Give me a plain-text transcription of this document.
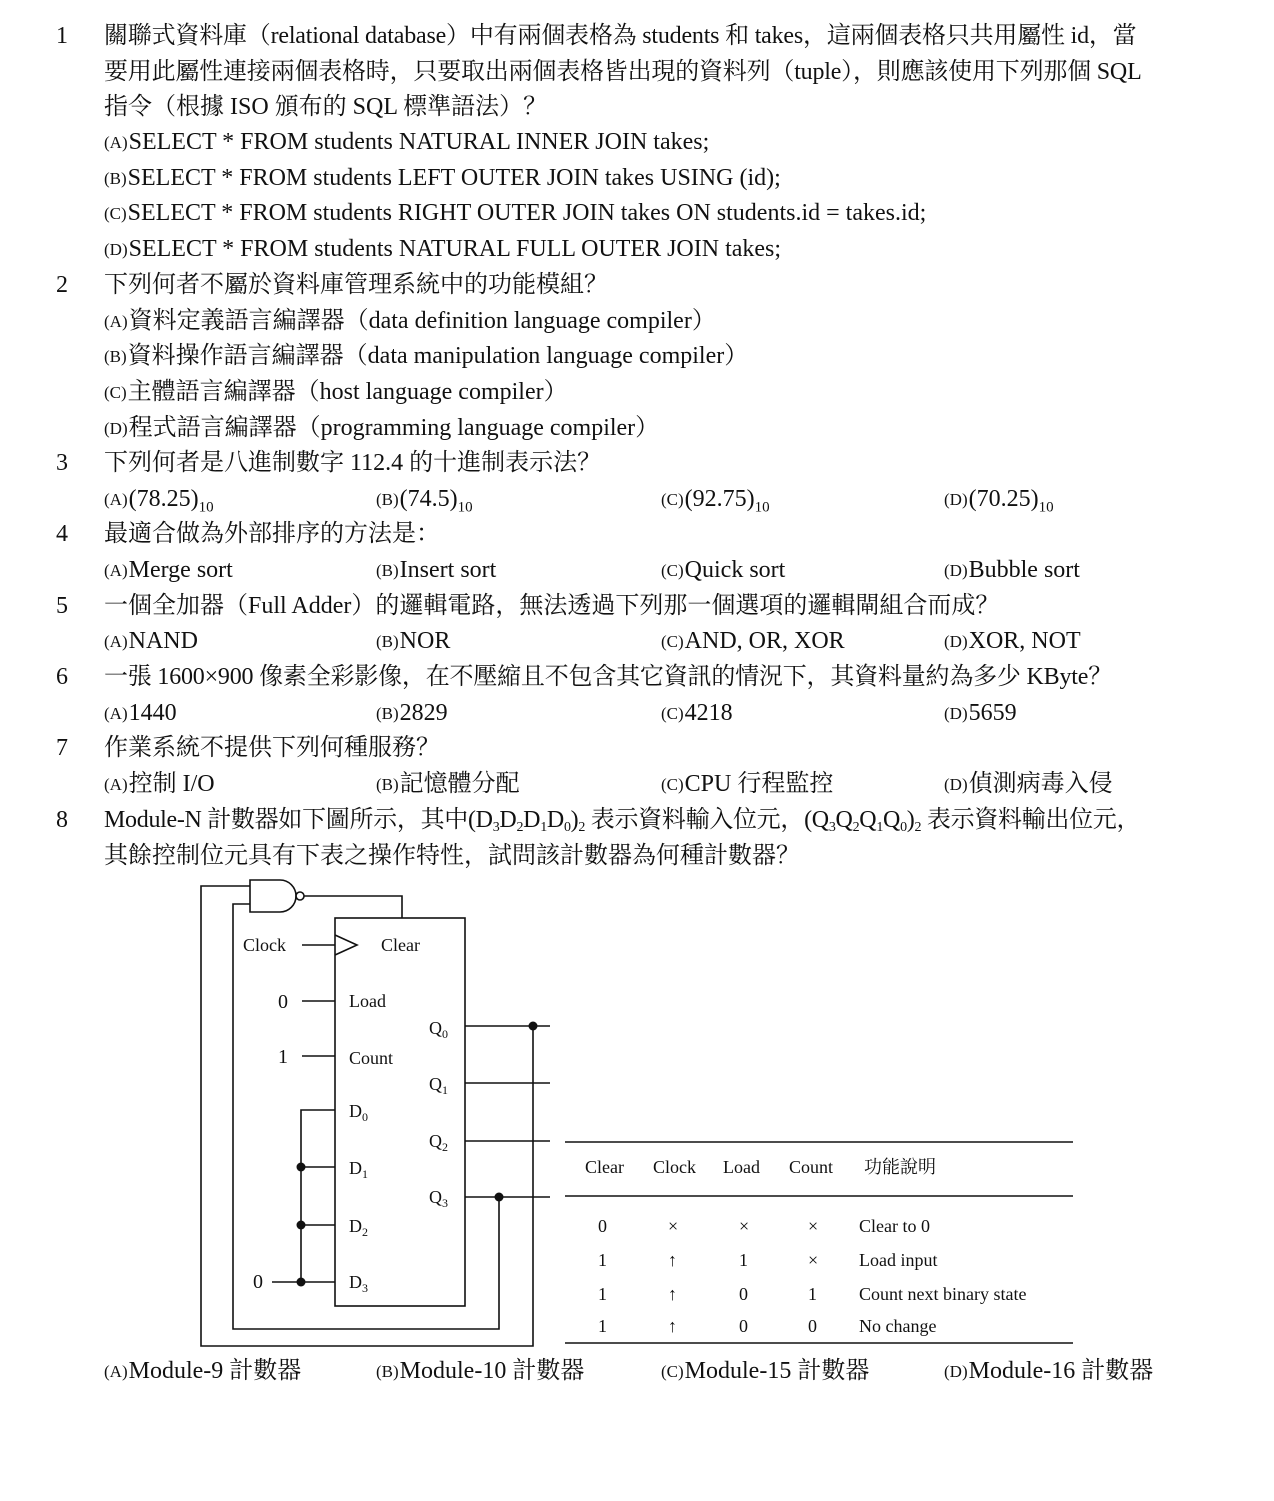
1 關聯式資料庫（relational database）中有兩個表格為 students 和 takes，這兩個表格只共用屬性 id，當
要用此屬性連接兩個表格時，只要取出兩個表格皆出現的資料列（tuple），則應該使用下列那個 SQL
指令（根據 ISO 頒布的 SQL 標準語法）？
(A)SELECT * FROM students NATURAL INNER JOIN takes;
(B)SELECT * FROM students LEFT OUTER JOIN takes USING (id);
(C)SELECT * FROM students RIGHT OUTER JOIN takes ON students.id = takes.id;
(D)SELECT * FROM students NATURAL FULL OUTER JOIN takes;
2 下列何者不屬於資料庫管理系統中的功能模組？
(A)資料定義語言編譯器（data definition language compiler）
(B)資料操作語言編譯器（data manipulation language compiler）
(C)主體語言編譯器（host language compiler）
(D)程式語言編譯器（programming language compiler）
3 下列何者是八進制數字 112.4 的十進制表示法？
$(A)(78.25)_{10}$	$(B)(74.5)_{10}$	$(C)(92.75)_{10}$	$(D)(70.25)_{10}$
4 最適合做為外部排序的方法是：
(A)Merge sort	(B)Insert sort	(C)Quick sort	(D)Bubble sort
5 一個全加器（Full Adder）的邏輯電路，無法透過下列那一個選項的邏輯閘組合而成？
(A)NAND	(B)NOR	(C)AND, OR, XOR	(D)XOR, NOT
6 一張 1600×900 像素全彩影像，在不壓縮且不包含其它資訊的情況下，其資料量約為多少 KByte？
(A)1440	(B)2829	(C)4218	(D)5659
7 作業系統不提供下列何種服務？
(A)控制 I/O	(B)記憶體分配	(C)CPU 行程監控	(D)偵測病毒入侵
8 Module-N 計數器如下圖所示，其中(D3D2D1D0)2 表示資料輸入位元，(Q3Q2Q1Q0)2 表示資料輸出位元，
其餘控制位元具有下表之操作特性，試問該計數器為何種計數器？
Clock	Clear
0	Load
1	Count
0
$D_0$
$D_1$
$D_2$
$D_3$
$Q_0$
$Q_1$
$Q_2$
$Q_3$
Clear Clock Load Count 功能說明
0	×	×	× Clear to 0
1	↑	1	× Load input
1	↑	0	1 Count next binary state
1	↑	0	0 No change
(A)Module-9 計數器	(B)Module-10 計數器	(C)Module-15 計數器	(D)Module-16 計數器
